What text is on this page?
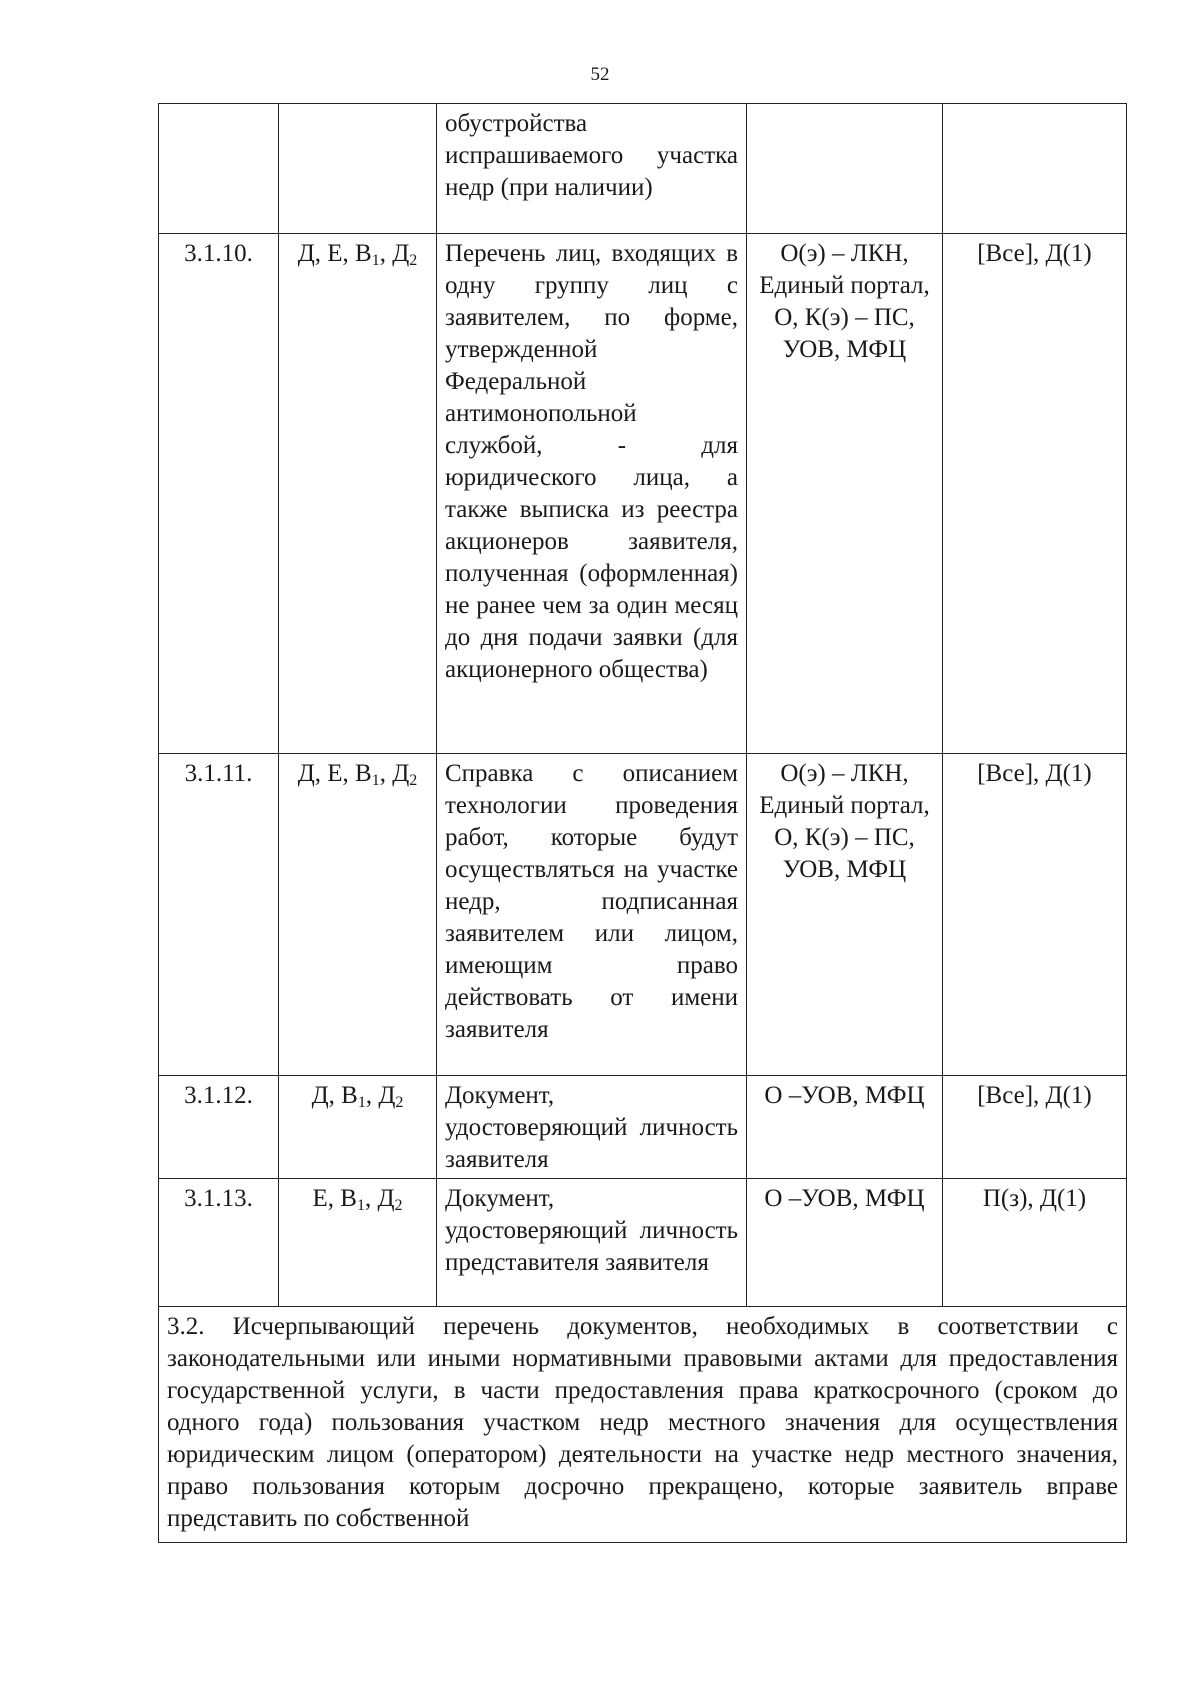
52
		обустройства испрашиваемого участка недр (при наличии)		
3.1.10.	Д, Е, $В_1$, $Д_2$	Перечень лиц, входящих в одну группу лиц с заявителем, по форме, утвержденной Федеральной антимонопольной службой, - для юридического лица, а также выписка из реестра акционеров заявителя, полученная (оформленная) не ранее чем за один месяц до дня подачи заявки (для акционерного общества)	О(э) – ЛКН, Единый портал, О, К(э) – ПС, УОВ, МФЦ	[Все], Д(1)
3.1.11.	Д, Е, $В_1$, $Д_2$	Справка с описанием технологии проведения работ, которые будут осуществляться на участке недр, подписанная заявителем или лицом, имеющим право действовать от имени заявителя	О(э) – ЛКН, Единый портал, О, К(э) – ПС, УОВ, МФЦ	[Все], Д(1)
3.1.12.	Д, $В_1$, $Д_2$	Документ, удостоверяющий личность заявителя	О –УОВ, МФЦ	[Все], Д(1)
3.1.13.	Е, $В_1$, $Д_2$	Документ, удостоверяющий личность представителя заявителя	О –УОВ, МФЦ	П(з), Д(1)
3.2. Исчерпывающий перечень документов, необходимых в соответствии с законодательными или иными нормативными правовыми актами для предоставления государственной услуги, в части предоставления права краткосрочного (сроком до одного года) пользования участком недр местного значения для осуществления юридическим лицом (оператором) деятельности на участке недр местного значения, право пользования которым досрочно прекращено, которые заявитель вправе представить по собственной				
